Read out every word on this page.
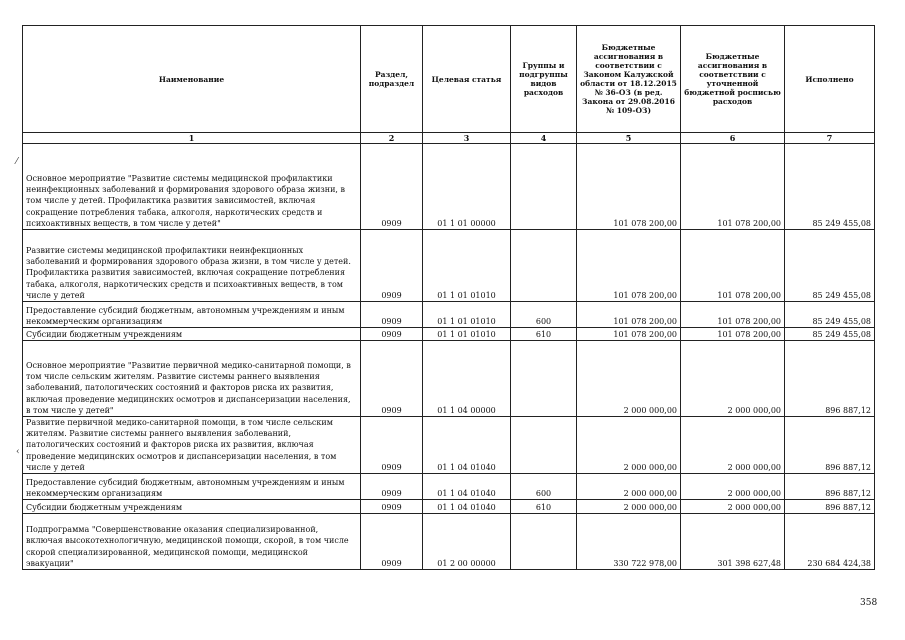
⁄
‹
Наименование	Раздел, подраздел	Целевая статья	Группы и подгруппы видов расходов	Бюджетные ассигнования в соответствии с Законом Калужской области от 18.12.2015 № 36-ОЗ (в ред. Закона от 29.08.2016 № 109-ОЗ)	Бюджетные ассигнования в соответствии с уточненной бюджетной росписью расходов	Исполнено
1	2	3	4	5	6	7
Основное мероприятие "Развитие системы медицинской профилактики неинфекционных заболеваний и формирования здорового образа жизни, в том числе у детей. Профилактика развития зависимостей, включая сокращение потребления табака, алкоголя, наркотических средств и психоактивных веществ, в том числе у детей"	0909	01 1 01 00000		101 078 200,00	101 078 200,00	85 249 455,08
Развитие системы медицинской профилактики неинфекционных заболеваний и формирования здорового образа жизни, в том числе у детей. Профилактика развития зависимостей, включая сокращение потребления табака, алкоголя, наркотических средств и психоактивных веществ, в том числе у детей	0909	01 1 01 01010		101 078 200,00	101 078 200,00	85 249 455,08
Предоставление субсидий бюджетным, автономным учреждениям и иным некоммерческим организациям	0909	01 1 01 01010	600	101 078 200,00	101 078 200,00	85 249 455,08
Субсидии бюджетным учреждениям	0909	01 1 01 01010	610	101 078 200,00	101 078 200,00	85 249 455,08
Основное мероприятие "Развитие первичной медико-санитарной помощи, в том числе сельским жителям. Развитие системы раннего выявления заболеваний, патологических состояний и факторов риска их развития, включая проведение медицинских осмотров и диспансеризации населения, в том числе у детей"	0909	01 1 04 00000		2 000 000,00	2 000 000,00	896 887,12
Развитие первичной медико-санитарной помощи, в том числе сельским жителям. Развитие системы раннего выявления заболеваний, патологических состояний и факторов риска их развития, включая проведение медицинских осмотров и диспансеризации населения, в том числе у детей	0909	01 1 04 01040		2 000 000,00	2 000 000,00	896 887,12
Предоставление субсидий бюджетным, автономным учреждениям и иным некоммерческим организациям	0909	01 1 04 01040	600	2 000 000,00	2 000 000,00	896 887,12
Субсидии бюджетным учреждениям	0909	01 1 04 01040	610	2 000 000,00	2 000 000,00	896 887,12
Подпрограмма "Совершенствование оказания специализированной, включая высокотехнологичную, медицинской помощи, скорой, в том числе скорой специализированной, медицинской помощи, медицинской эвакуации"	0909	01 2 00 00000		330 722 978,00	301 398 627,48	230 684 424,38
358
